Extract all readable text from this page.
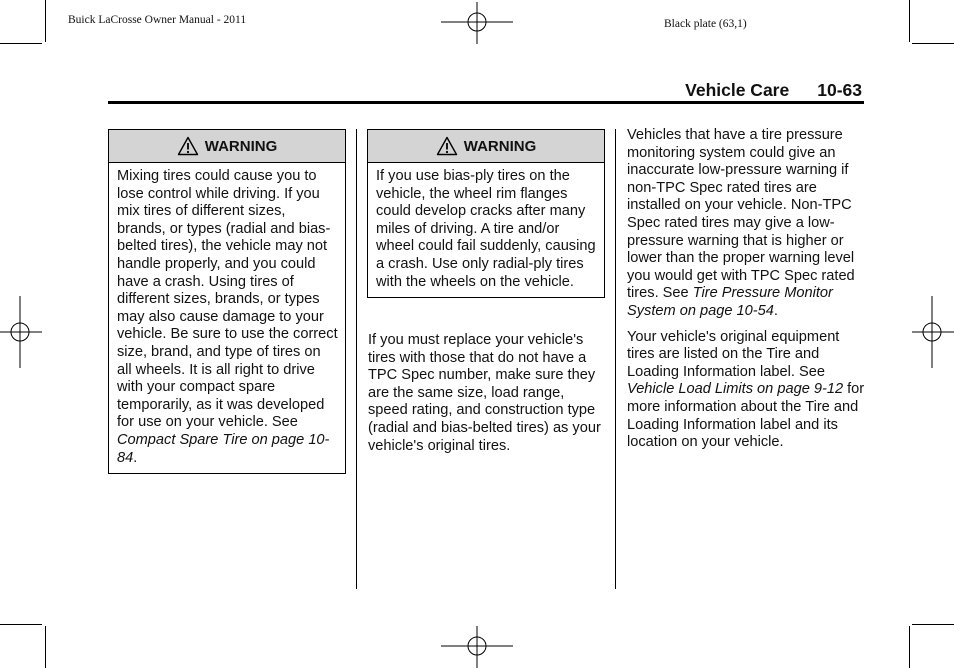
Buick LaCrosse Owner Manual - 2011	Black plate (63,1)
Vehicle Care 10-63
WARNING
Mixing tires could cause you to lose control while driving. If you mix tires of different sizes, brands, or types (radial and bias-belted tires), the vehicle may not handle properly, and you could have a crash. Using tires of different sizes, brands, or types may also cause damage to your vehicle. Be sure to use the correct size, brand, and type of tires on all wheels. It is all right to drive with your compact spare temporarily, as it was developed for use on your vehicle. See Compact Spare Tire on page 10-84.
WARNING
If you use bias-ply tires on the vehicle, the wheel rim flanges could develop cracks after many miles of driving. A tire and/or wheel could fail suddenly, causing a crash. Use only radial-ply tires with the wheels on the vehicle.

If you must replace your vehicle's tires with those that do not have a TPC Spec number, make sure they are the same size, load range, speed rating, and construction type (radial and bias-belted tires) as your vehicle's original tires.

Vehicles that have a tire pressure monitoring system could give an inaccurate low-pressure warning if non-TPC Spec rated tires are installed on your vehicle. Non-TPC Spec rated tires may give a low-pressure warning that is higher or lower than the proper warning level you would get with TPC Spec rated tires. See Tire Pressure Monitor System on page 10-54.

Your vehicle's original equipment tires are listed on the Tire and Loading Information label. See Vehicle Load Limits on page 9-12 for more information about the Tire and Loading Information label and its location on your vehicle.
